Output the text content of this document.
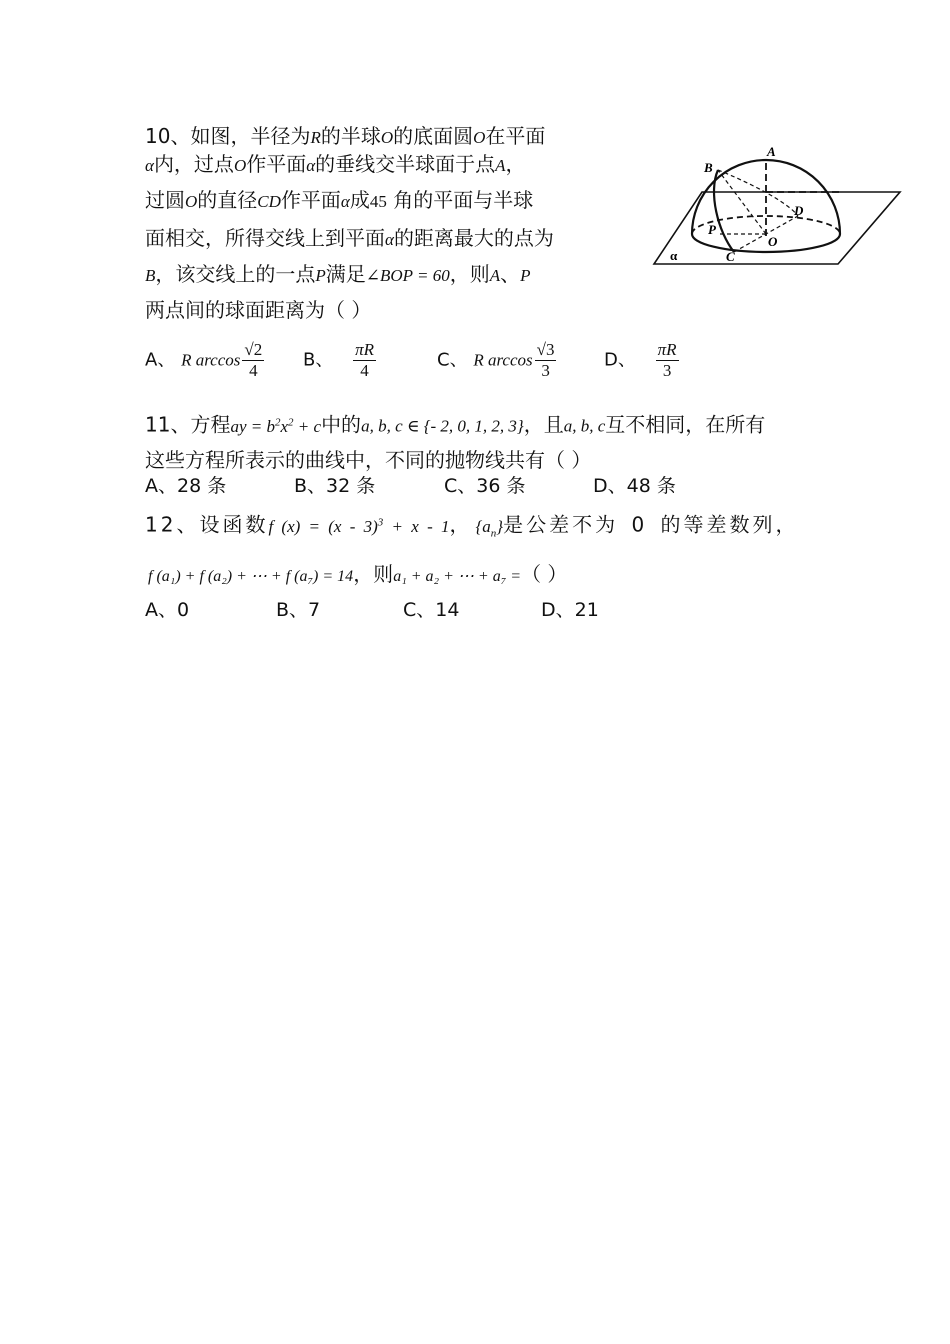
10、如图，半径为R的半球O的底面圆O在平面
α内，过点O作平面α的垂线交半球面于点A，
过圆O的直径CD作平面α成45 角的平面与半球
面相交，所得交线上到平面α的距离最大的点为
B，该交线上的一点P满足∠BOP = 60，则A、P
两点间的球面距离为（ ）
A、 R $\arccos \frac{√2}{4}$ B、 $\frac{\pi R}{4}$	C、 R $\arccos \frac{√3}{3}$	D、 $\frac{\pi R}{3}$
A
B
D
P
O
C
α
11、方程ay = $b^2x^2 + c$中的a, b, c ∈ {- 2, 0, 1, 2, 3}，且a, b, c互不相同，在所有
这些方程所表示的曲线中，不同的抛物线共有（ ）
A、28 条	B、32 条	C、36 条	D、48 条
12、设函数f (x) = (x - 3)$^3$ + x - 1， $\{a_n\}$是公差不为 0 的等差数列，
f (a₁) + f (a₂) + ⋯ + f (a₇) = 14，则a₁ + a₂ + ⋯ + a₇ =（ ）
A、0	B、7	C、14	D、21
